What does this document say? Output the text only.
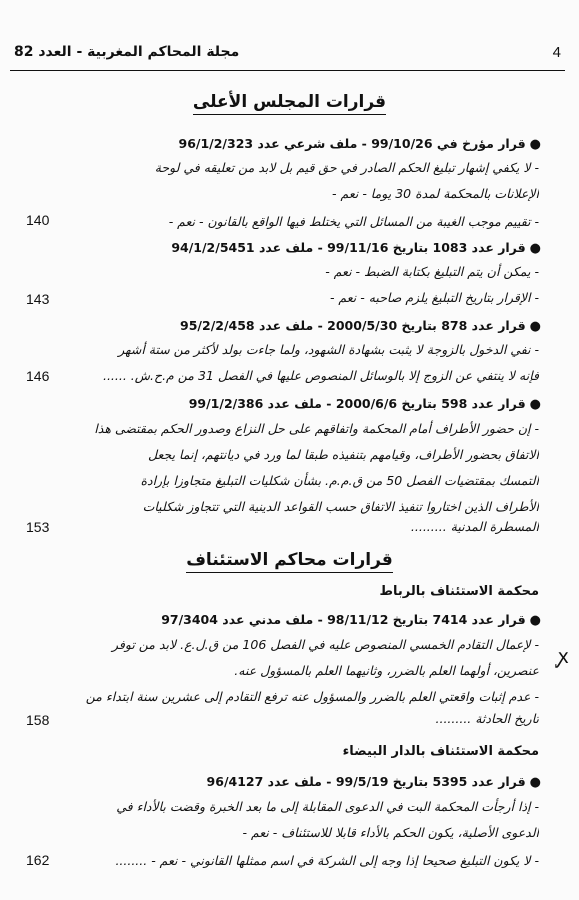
4
مجلة المحاكم المغربية - العدد 82
قرارات المجلس الأعلى
●قرار مؤرخ في 99/10/26 - ملف شرعي عدد 96/1/2/323
- لا يكفي إشهار تبليغ الحكم الصادر في حق قيم بل لابد من تعليقه في لوحة
الإعلانات بالمحكمة لمدة 30 يوما - نعم -
- تقييم موجب الغيبة من المسائل التي يختلط فيها الواقع بالقانون - نعم -
140
●قرار عدد 1083 بتاريخ 99/11/16 - ملف عدد 94/1/2/5451
- يمكن أن يتم التبليغ بكتابة الضبط - نعم -
- الإقرار بتاريخ التبليغ يلزم صاحبه - نعم -
143
●قرار عدد 878 بتاريخ 2000/5/30 - ملف عدد 95/2/2/458
- نفي الدخول بالزوجة لا يثبت بشهادة الشهود، ولما جاءت بولد لأكثر من ستة أشهر
فإنه لا ينتفي عن الزوج إلا بالوسائل المنصوص عليها في الفصل 31 من م.ح.ش. ......
146
●قرار عدد 598 بتاريخ 2000/6/6 - ملف عدد 99/1/2/386
- إن حضور الأطراف أمام المحكمة واتفاقهم على حل النزاع وصدور الحكم بمقتضى هذا
الاتفاق بحضور الأطراف، وقيامهم بتنفيذه طبقا لما ورد في ديانتهم، إنما يجعل
التمسك بمقتضيات الفصل 50 من ق.م.م. بشأن شكليات التبليغ متجاوزا بإرادة
الأطراف الذين اختاروا تنفيذ الاتفاق حسب القواعد الدينية التي تتجاوز شكليات
المسطرة المدنية .........
153
قرارات محاكم الاستئناف
محكمة الاستئناف بالرباط
●قرار عدد 7414 بتاريخ 98/11/12 - ملف مدني عدد 97/3404
- لإعمال التقادم الخمسي المنصوص عليه في الفصل 106 من ق.ل.ع. لابد من توفر
عنصرين، أولهما العلم بالضرر، وثانيهما العلم بالمسؤول عنه.
- عدم إثبات واقعتي العلم بالضرر والمسؤول عنه ترفع التقادم إلى عشرين سنة ابتداء من
تاريخ الحادثة .........
158
محكمة الاستئناف بالدار البيضاء
●قرار عدد 5395 بتاريخ 99/5/19 - ملف عدد 96/4127
- إذا أرجأت المحكمة البت في الدعوى المقابلة إلى ما بعد الخبرة وقضت بالأداء في
الدعوى الأصلية، يكون الحكم بالأداء قابلا للاستئناف - نعم -
- لا يكون التبليغ صحيحا إذا وجه إلى الشركة في اسم ممثلها القانوني - نعم - ........
162
ꭙ
